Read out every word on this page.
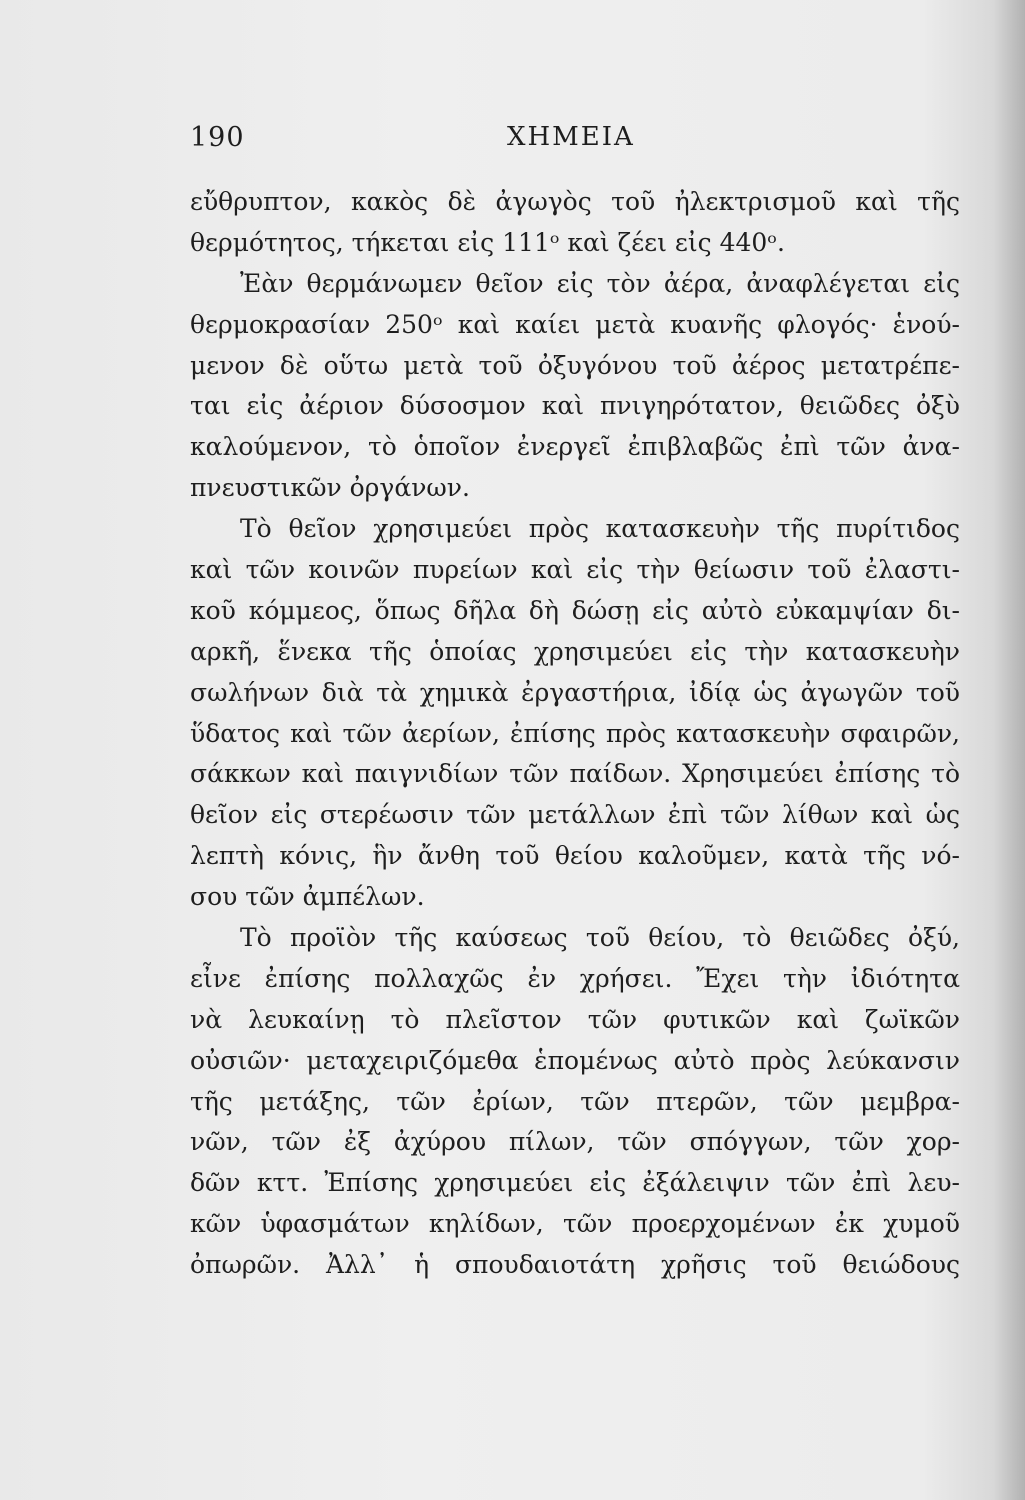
190	ΧΗΜΕΙΑ
εὔθρυπτον, κακὸς δὲ ἀγωγὸς τοῦ ἠλεκτρισμοῦ καὶ τῆς
θερμότητος, τήκεται εἰς 111ᵒ καὶ ζέει εἰς 440ᵒ.
Ἐὰν θερμάνωμεν θεῖον εἰς τὸν ἀέρα, ἀναφλέγεται εἰς
θερμοκρασίαν 250ᵒ καὶ καίει μετὰ κυανῆς φλογός· ἑνού-
μενον δὲ οὕτω μετὰ τοῦ ὀξυγόνου τοῦ ἀέρος μετατρέπε-
ται εἰς ἀέριον δύσοσμον καὶ πνιγηρότατον, θειῶδες ὀξὺ
καλούμενον, τὸ ὁποῖον ἐνεργεῖ ἐπιβλαβῶς ἐπὶ τῶν ἀνα-
πνευστικῶν ὀργάνων.
Τὸ θεῖον χρησιμεύει πρὸς κατασκευὴν τῆς πυρίτιδος
καὶ τῶν κοινῶν πυρείων καὶ εἰς τὴν θείωσιν τοῦ ἐλαστι-
κοῦ κόμμεος, ὅπως δῆλα δὴ δώσῃ εἰς αὐτὸ εὐκαμψίαν δι-
αρκῆ, ἕνεκα τῆς ὁποίας χρησιμεύει εἰς τὴν κατασκευὴν
σωλήνων διὰ τὰ χημικὰ ἐργαστήρια, ἰδίᾳ ὡς ἀγωγῶν τοῦ
ὕδατος καὶ τῶν ἀερίων, ἐπίσης πρὸς κατασκευὴν σφαιρῶν,
σάκκων καὶ παιγνιδίων τῶν παίδων. Χρησιμεύει ἐπίσης τὸ
θεῖον εἰς στερέωσιν τῶν μετάλλων ἐπὶ τῶν λίθων καὶ ὡς
λεπτὴ κόνις, ἣν ἄνθη τοῦ θείου καλοῦμεν, κατὰ τῆς νό-
σου τῶν ἀμπέλων.
Τὸ προϊὸν τῆς καύσεως τοῦ θείου, τὸ θειῶδες ὀξύ,
εἶνε ἐπίσης πολλαχῶς ἐν χρήσει. Ἔχει τὴν ἰδιότητα
νὰ λευκαίνῃ τὸ πλεῖστον τῶν φυτικῶν καὶ ζωϊκῶν
οὐσιῶν· μεταχειριζόμεθα ἑπομένως αὐτὸ πρὸς λεύκανσιν
τῆς μετάξης, τῶν ἐρίων, τῶν πτερῶν, τῶν μεμβρα-
νῶν, τῶν ἐξ ἀχύρου πίλων, τῶν σπόγγων, τῶν χορ-
δῶν κττ. Ἐπίσης χρησιμεύει εἰς ἐξάλειψιν τῶν ἐπὶ λευ-
κῶν ὑφασμάτων κηλίδων, τῶν προερχομένων ἐκ χυμοῦ
ὀπωρῶν. Ἀλλ᾽ ἡ σπουδαιοτάτη χρῆσις τοῦ θειώδους
